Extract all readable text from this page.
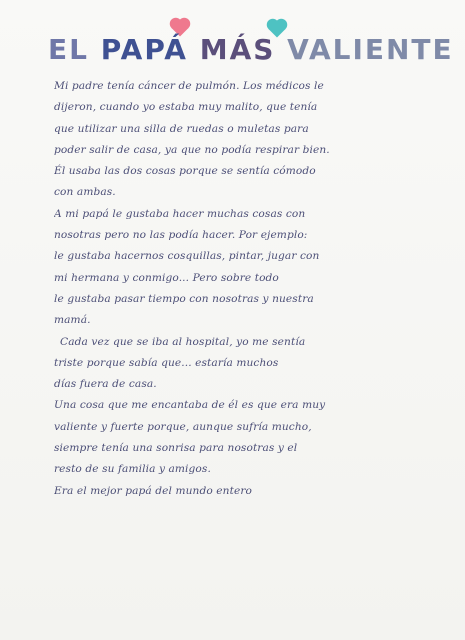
EL PAPÁ MÁS VALIENTE
Mi padre tenía cáncer de pulmón. Los médicos le
dijeron, cuando yo estaba muy malito, que tenía
que utilizar una silla de ruedas o muletas para
poder salir de casa, ya que no podía respirar bien.
Él usaba las dos cosas porque se sentía cómodo
con ambas.
A mi papá le gustaba hacer muchas cosas con
nosotras pero no las podía hacer. Por ejemplo:
le gustaba hacernos cosquillas, pintar, jugar con
mi hermana y conmigo... Pero sobre todo
le gustaba pasar tiempo con nosotras y nuestra
mamá.
Cada vez que se iba al hospital, yo me sentía
triste porque sabía que... estaría muchos
días fuera de casa.
Una cosa que me encantaba de él es que era muy
valiente y fuerte porque, aunque sufría mucho,
siempre tenía una sonrisa para nosotras y el
resto de su familia y amigos.
Era el mejor papá del mundo entero
